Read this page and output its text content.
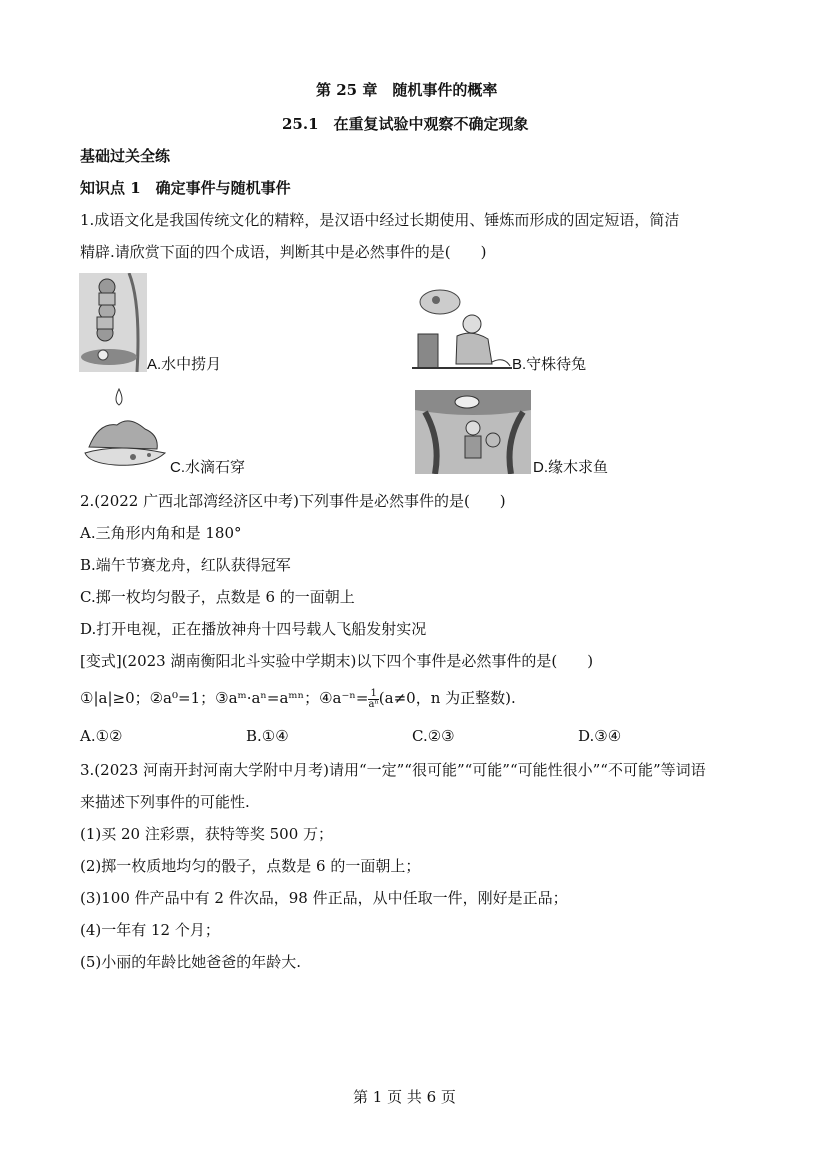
第 25 章　随机事件的概率
25.1　在重复试验中观察不确定现象
基础过关全练
知识点 1　确定事件与随机事件
1.成语文化是我国传统文化的精粹，是汉语中经过长期使用、锤炼而形成的固定短语，简洁
精辟.请欣赏下面的四个成语，判断其中是必然事件的是(　　)
A.水中捞月	B.守株待兔
C.水滴石穿	D.缘木求鱼
2.(2022 广西北部湾经济区中考)下列事件是必然事件的是(　　)
A.三角形内角和是 180°
B.端午节赛龙舟，红队获得冠军
C.掷一枚均匀骰子，点数是 6 的一面朝上
D.打开电视，正在播放神舟十四号载人飞船发射实况
[变式](2023 湖南衡阳北斗实验中学期末)以下四个事件是必然事件的是(　　)
①|a|≥0；②a⁰=1；③aᵐ·aⁿ=aᵐⁿ；④a⁻ⁿ= $\frac{1}{\text{aⁿ}} (a\ne 0$，n 为正整数).
A.①②	B.①④	C.②③	D.③④
3.(2023 河南开封河南大学附中月考)请用“一定”“很可能”“可能”“可能性很小”“不可能”等词语
来描述下列事件的可能性.
(1)买 20 注彩票，获特等奖 500 万；
(2)掷一枚质地均匀的骰子，点数是 6 的一面朝上；
(3)100 件产品中有 2 件次品，98 件正品，从中任取一件，刚好是正品；
(4)一年有 12 个月；
(5)小丽的年龄比她爸爸的年龄大.
第 1 页 共 6 页
